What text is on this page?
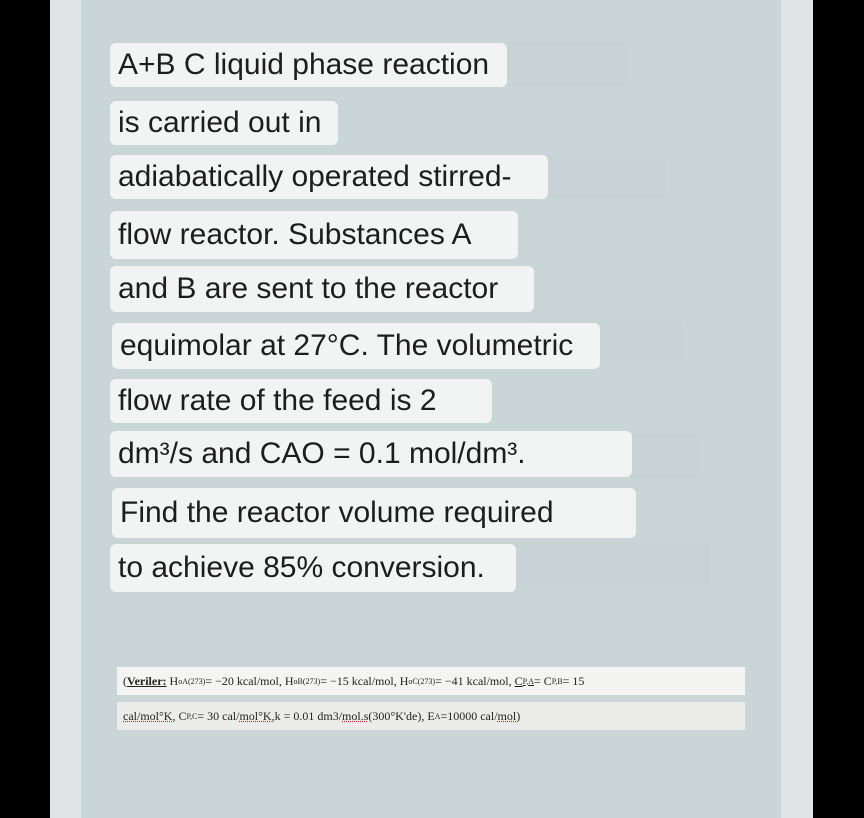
A+B C liquid phase reaction
is carried out in
adiabatically operated stirred-
flow reactor. Substances A
and B are sent to the reactor
equimolar at 27°C. The volumetric
flow rate of the feed is 2
dm³/s and CAO = 0.1 mol/dm³.
Find the reactor volume required
to achieve 85% conversion.
( Veriler:
H o A(273) = −20 kcal/mol,
H o B(273) = −15 kcal/mol,
H o C(273) = −41 kcal/mol,
C P,A = C P,B = 15
cal/mol°K,
C P,C = 30 cal/ mol°K, k = 0.01 dm3/ mol.s (300°K'de), E A =10000 cal/ mol )
